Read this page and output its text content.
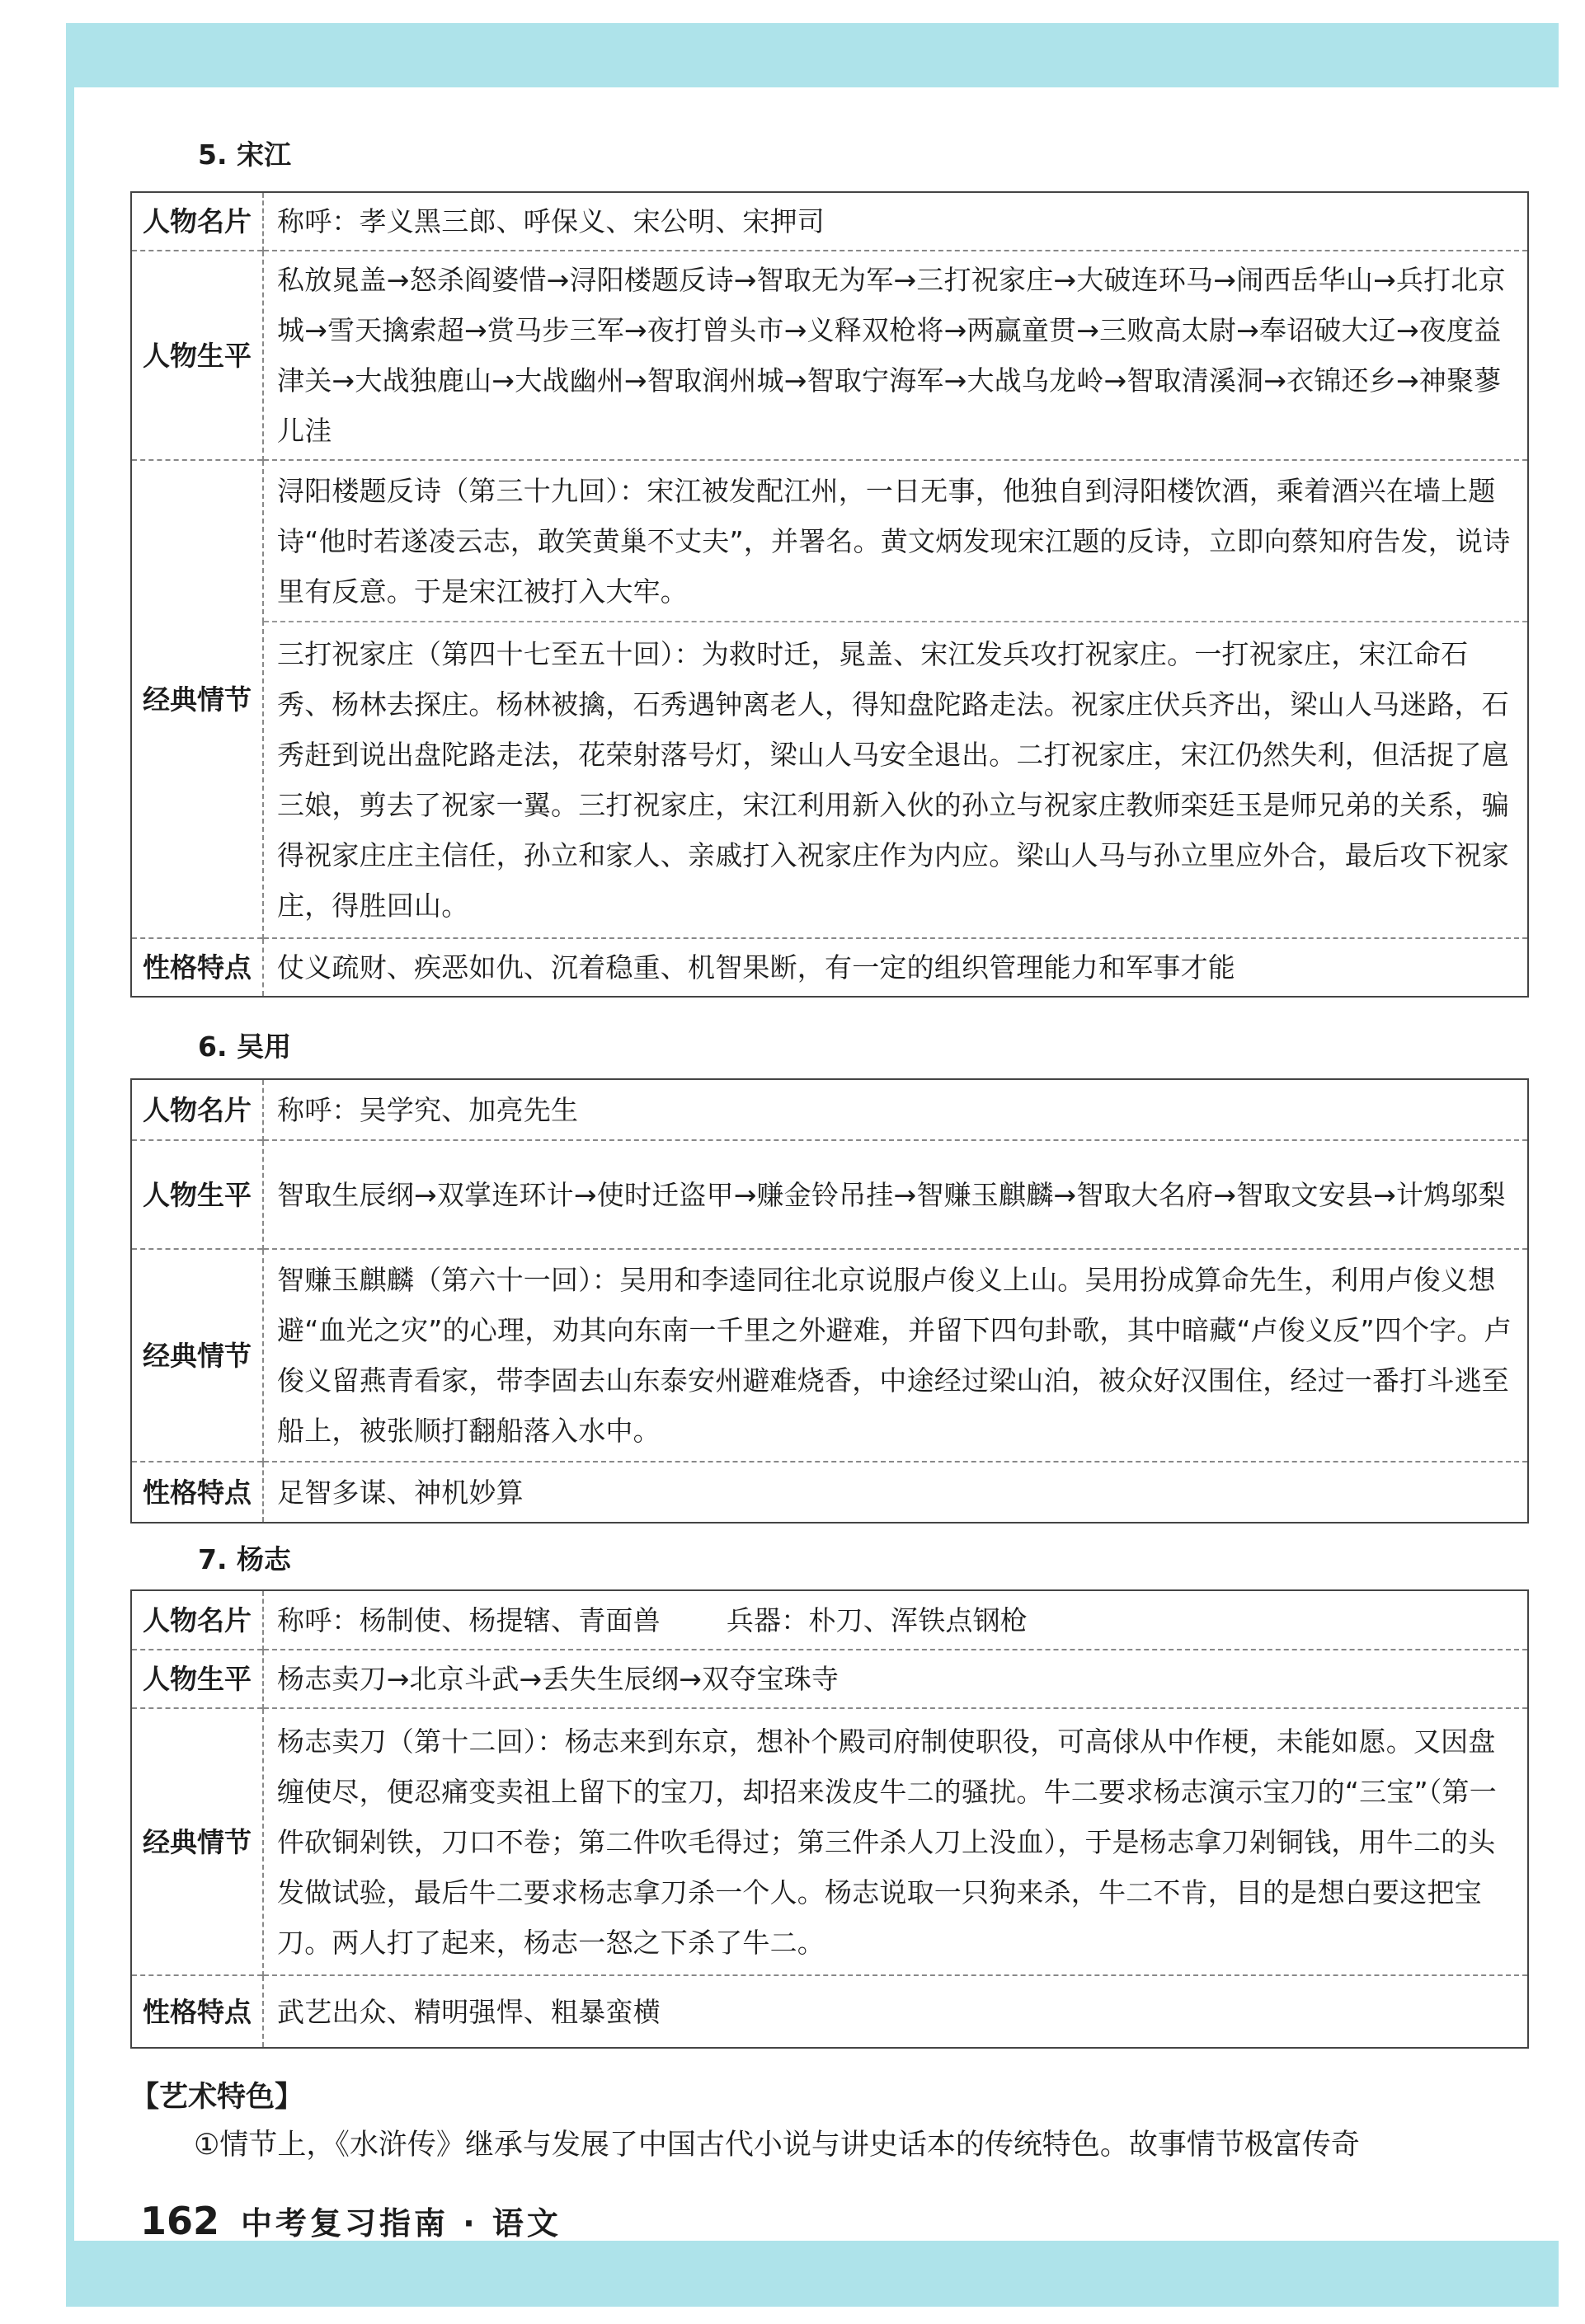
5. 宋江
人物名片	称呼：孝义黑三郎、呼保义、宋公明、宋押司
人物生平	私放晁盖→怒杀阎婆惜→浔阳楼题反诗→智取无为军→三打祝家庄→大破连环马→闹西岳华山→兵打北京城→雪天擒索超→赏马步三军→夜打曾头市→义释双枪将→两赢童贯→三败高太尉→奉诏破大辽→夜度益津关→大战独鹿山→大战幽州→智取润州城→智取宁海军→大战乌龙岭→智取清溪洞→衣锦还乡→神聚蓼儿洼
经典情节	浔阳楼题反诗（第三十九回）：宋江被发配江州，一日无事，他独自到浔阳楼饮酒，乘着酒兴在墙上题诗“他时若遂凌云志，敢笑黄巢不丈夫”，并署名。黄文炳发现宋江题的反诗，立即向蔡知府告发，说诗里有反意。于是宋江被打入大牢。
	三打祝家庄（第四十七至五十回）：为救时迁，晁盖、宋江发兵攻打祝家庄。一打祝家庄，宋江命石秀、杨林去探庄。杨林被擒，石秀遇钟离老人，得知盘陀路走法。祝家庄伏兵齐出，梁山人马迷路，石秀赶到说出盘陀路走法，花荣射落号灯，梁山人马安全退出。二打祝家庄，宋江仍然失利，但活捉了扈三娘，剪去了祝家一翼。三打祝家庄，宋江利用新入伙的孙立与祝家庄教师栾廷玉是师兄弟的关系，骗得祝家庄庄主信任，孙立和家人、亲戚打入祝家庄作为内应。梁山人马与孙立里应外合，最后攻下祝家庄，得胜回山。
性格特点	仗义疏财、疾恶如仇、沉着稳重、机智果断，有一定的组织管理能力和军事才能
6. 吴用
人物名片	称呼：吴学究、加亮先生
人物生平	智取生辰纲→双掌连环计→使时迁盗甲→赚金铃吊挂→智赚玉麒麟→智取大名府→智取文安县→计鸩邬梨
经典情节	智赚玉麒麟（第六十一回）：吴用和李逵同往北京说服卢俊义上山。吴用扮成算命先生，利用卢俊义想避“血光之灾”的心理，劝其向东南一千里之外避难，并留下四句卦歌，其中暗藏“卢俊义反”四个字。卢俊义留燕青看家，带李固去山东泰安州避难烧香，中途经过梁山泊，被众好汉围住，经过一番打斗逃至船上，被张顺打翻船落入水中。
性格特点	足智多谋、神机妙算
7. 杨志
人物名片	称呼：杨制使、杨提辖、青面兽 兵器：朴刀、浑铁点钢枪
人物生平	杨志卖刀→北京斗武→丢失生辰纲→双夺宝珠寺
经典情节	杨志卖刀（第十二回）：杨志来到东京，想补个殿司府制使职役，可高俅从中作梗，未能如愿。又因盘缠使尽，便忍痛变卖祖上留下的宝刀，却招来泼皮牛二的骚扰。牛二要求杨志演示宝刀的“三宝”（第一件砍铜剁铁，刀口不卷；第二件吹毛得过；第三件杀人刀上没血），于是杨志拿刀剁铜钱，用牛二的头发做试验，最后牛二要求杨志拿刀杀一个人。杨志说取一只狗来杀，牛二不肯，目的是想白要这把宝刀。两人打了起来，杨志一怒之下杀了牛二。
性格特点	武艺出众、精明强悍、粗暴蛮横
【艺术特色】
①情节上，《水浒传》继承与发展了中国古代小说与讲史话本的传统特色。故事情节极富传奇
162 中考复习指南 · 语文
